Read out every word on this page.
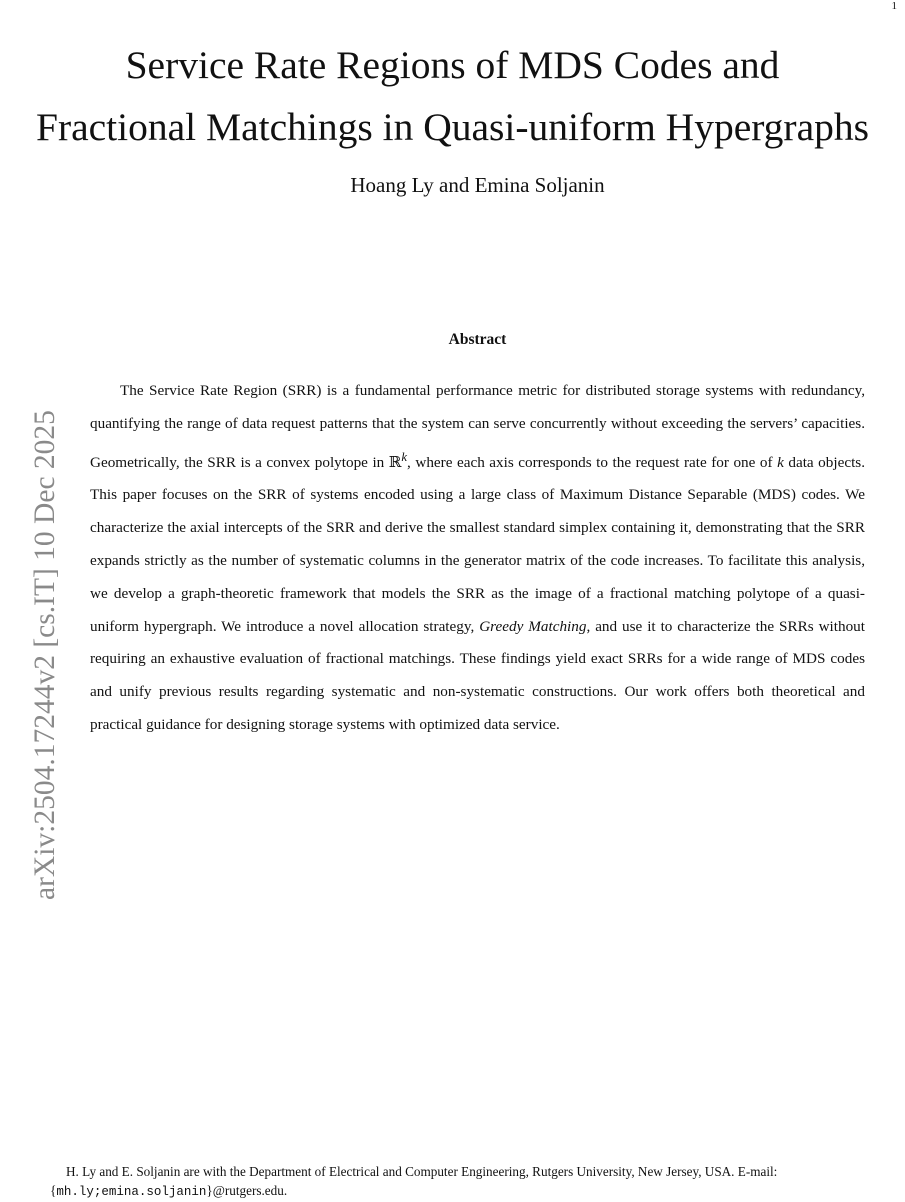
1
Service Rate Regions of MDS Codes and
Fractional Matchings in Quasi-uniform Hypergraphs
Hoang Ly and Emina Soljanin
arXiv:2504.17244v2 [cs.IT] 10 Dec 2025
Abstract

The Service Rate Region (SRR) is a fundamental performance metric for distributed storage systems with redundancy, quantifying the range of data request patterns that the system can serve concurrently without exceeding the servers’ capacities. Geometrically, the SRR is a convex polytope in ℝ$^k$, where each axis corresponds to the request rate for one of k data objects. This paper focuses on the SRR of systems encoded using a large class of Maximum Distance Separable (MDS) codes. We characterize the axial intercepts of the SRR and derive the smallest standard simplex containing it, demonstrating that the SRR expands strictly as the number of systematic columns in the generator matrix of the code increases. To facilitate this analysis, we develop a graph-theoretic framework that models the SRR as the image of a fractional matching polytope of a quasi-uniform hypergraph. We introduce a novel allocation strategy, Greedy Matching, and use it to characterize the SRRs without requiring an exhaustive evaluation of fractional matchings. These findings yield exact SRRs for a wide range of MDS codes and unify previous results regarding systematic and non-systematic constructions. Our work offers both theoretical and practical guidance for designing storage systems with optimized data service.

H. Ly and E. Soljanin are with the Department of Electrical and Computer Engineering, Rutgers University, New Jersey, USA. E-mail:
{mh.ly;emina.soljanin}@rutgers.edu.
